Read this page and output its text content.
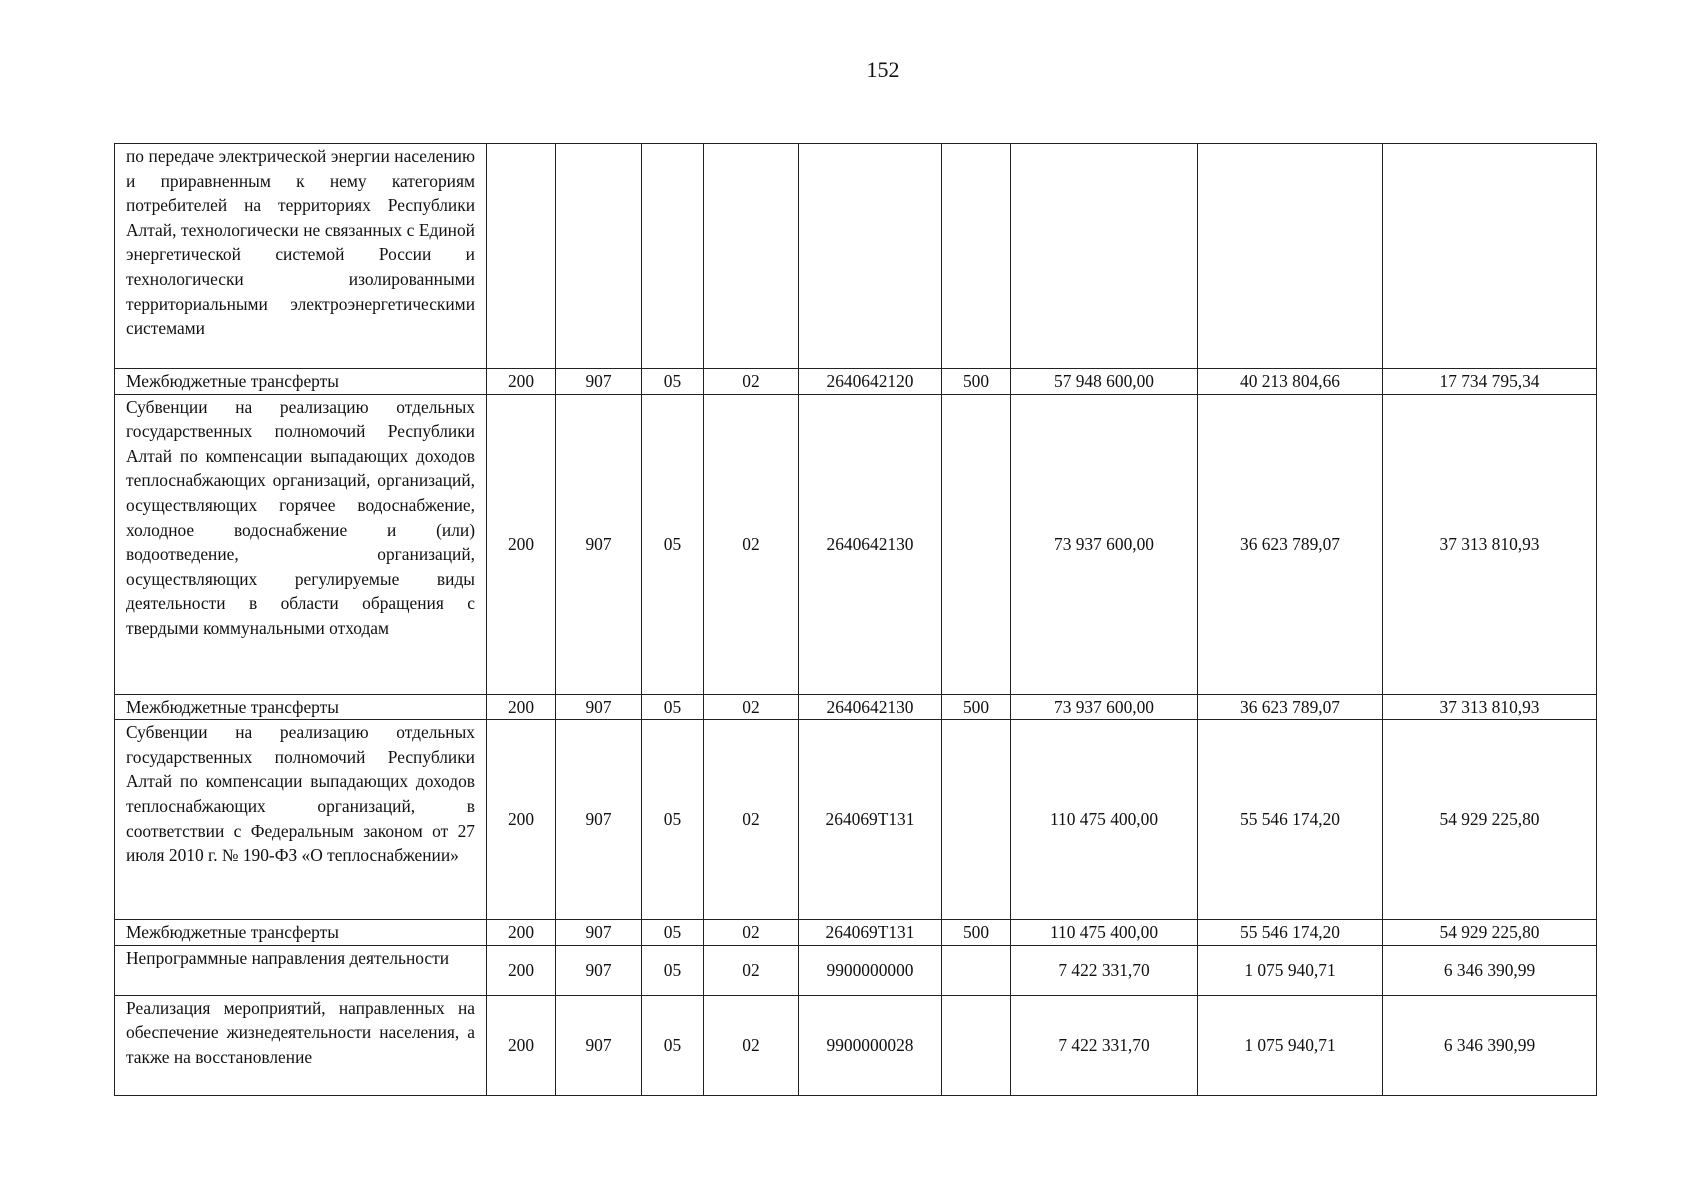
152
по передаче электрической энергии населению и приравненным к нему категориям потребителей на территориях Республики Алтай, технологически не связанных с Единой энергетической системой России и технологически изолированными территориальными электроэнергетическими системами									
Межбюджетные трансферты	200	907	05	02	2640642120	500	57 948 600,00	40 213 804,66	17 734 795,34
Субвенции на реализацию отдельных государственных полномочий Республики Алтай по компенсации выпадающих доходов теплоснабжающих организаций, организаций, осуществляющих горячее водоснабжение, холодное водоснабжение и (или) водоотведение, организаций, осуществляющих регулируемые виды деятельности в области обращения с твердыми коммунальными отходам	200	907	05	02	2640642130		73 937 600,00	36 623 789,07	37 313 810,93
Межбюджетные трансферты	200	907	05	02	2640642130	500	73 937 600,00	36 623 789,07	37 313 810,93
Субвенции на реализацию отдельных государственных полномочий Республики Алтай по компенсации выпадающих доходов теплоснабжающих организаций, в соответствии с Федеральным законом от 27 июля 2010 г. № 190-ФЗ «О теплоснабжении»	200	907	05	02	264069Т131		110 475 400,00	55 546 174,20	54 929 225,80
Межбюджетные трансферты	200	907	05	02	264069Т131	500	110 475 400,00	55 546 174,20	54 929 225,80
Непрограммные направления деятельности	200	907	05	02	9900000000		7 422 331,70	1 075 940,71	6 346 390,99
Реализация мероприятий, направленных на обеспечение жизнедеятельности населения, а также на восстановление	200	907	05	02	9900000028		7 422 331,70	1 075 940,71	6 346 390,99
